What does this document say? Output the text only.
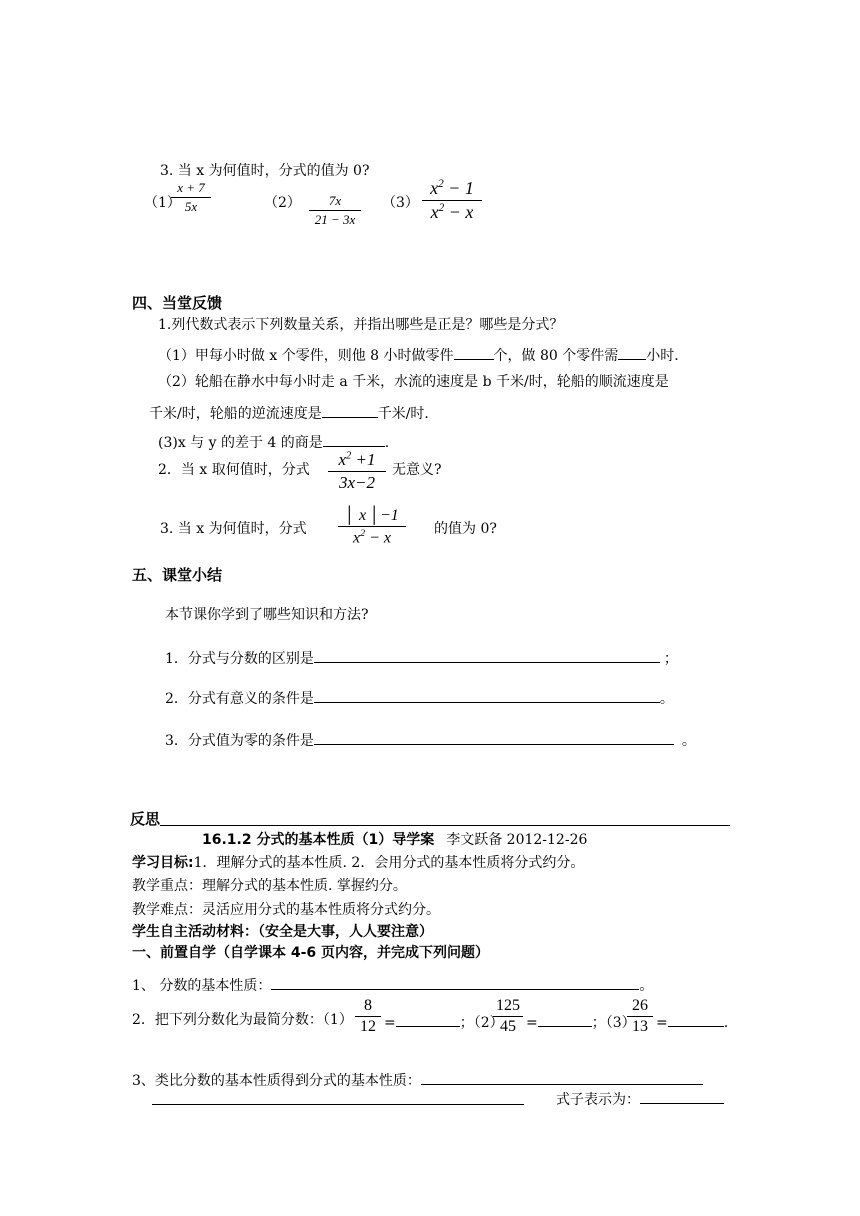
3. 当 x 为何值时，分式的值为 0?
（1）
x + 7
5x	（2）	7x
21 − 3x
（3）
$x^2 - 1$
$x^2 - x$
四、当堂反馈
1.列代数式表示下列数量关系，并指出哪些是正是？哪些是分式？
（1）甲每小时做 x 个零件，则他 8 小时做零件	个，做 80 个零件需 小时.
（2）轮船在静水中每小时走 a 千米，水流的速度是 b 千米/时，轮船的顺流速度是
千米/时，轮船的逆流速度是	千米/时.
(3)x 与 y 的差于 4 的商是	.
2．当 x 取何值时，分式
$x^2 +1$
3x−2
无意义?
3. 当 x 为何值时，分式
│ x │−1
$x^2 - x$
的值为 0?
五、课堂小结
本节课你学到了哪些知识和方法?
1．分式与分数的区别是	；
2．分式有意义的条件是	。
3．分式值为零的条件是	。
反思
16.1.2 分式的基本性质（1）导学案 李文跃备 2012-12-26
学习目标:1．理解分式的基本性质. 2．会用分式的基本性质将分式约分。
教学重点：理解分式的基本性质. 掌握约分。
教学难点：灵活应用分式的基本性质将分式约分。
学生自主活动材料：（安全是大事，人人要注意）
一、前置自学（自学课本 4-6 页内容，并完成下列问题）
1、 分数的基本性质：	。
2．把下列分数化为最简分数：（1）
8
12 =	；（2）
125
45 =	；（3）
26
13 =	.
3、类比分数的基本性质得到分式的基本性质：
式子表示为：
